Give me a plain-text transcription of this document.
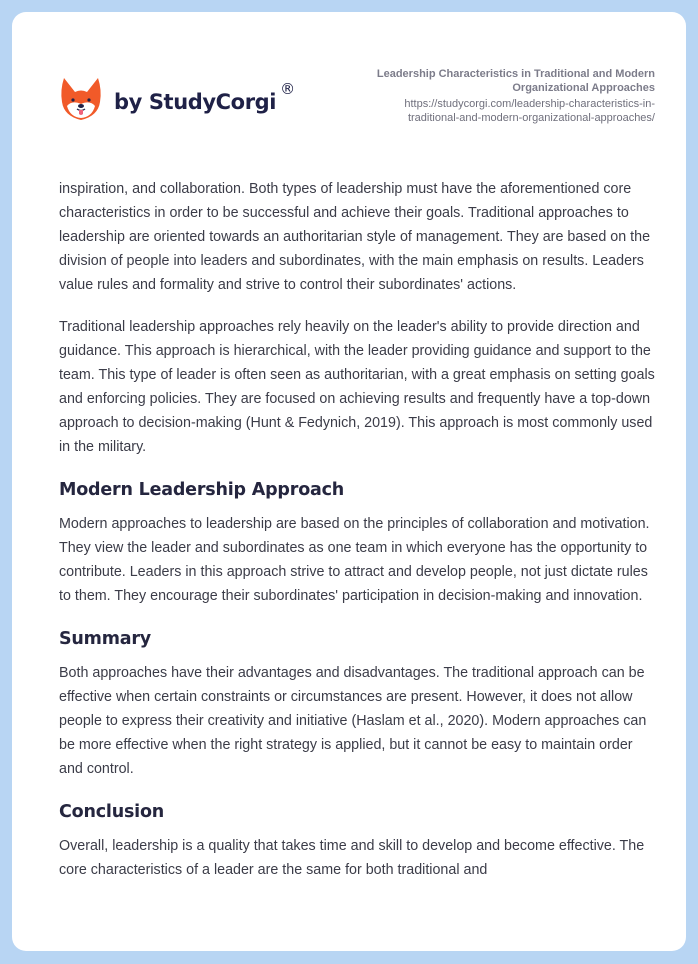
by StudyCorgi
®
Leadership Characteristics in Traditional and Modern
Organizational Approaches
https://studycorgi.com/leadership-characteristics-in-
traditional-and-modern-organizational-approaches/

inspiration, and collaboration. Both types of leadership must have the aforementioned core characteristics in order to be successful and achieve their goals. Traditional approaches to leadership are oriented towards an authoritarian style of management. They are based on the division of people into leaders and subordinates, with the main emphasis on results. Leaders value rules and formality and strive to control their subordinates' actions.

Traditional leadership approaches rely heavily on the leader's ability to provide direction and guidance. This approach is hierarchical, with the leader providing guidance and support to the team. This type of leader is often seen as authoritarian, with a great emphasis on setting goals and enforcing policies. They are focused on achieving results and frequently have a top-down approach to decision-making (Hunt & Fedynich, 2019). This approach is most commonly used in the military.

Modern Leadership Approach

Modern approaches to leadership are based on the principles of collaboration and motivation. They view the leader and subordinates as one team in which everyone has the opportunity to contribute. Leaders in this approach strive to attract and develop people, not just dictate rules to them. They encourage their subordinates' participation in decision-making and innovation.

Summary

Both approaches have their advantages and disadvantages. The traditional approach can be effective when certain constraints or circumstances are present. However, it does not allow people to express their creativity and initiative (Haslam et al., 2020). Modern approaches can be more effective when the right strategy is applied, but it cannot be easy to maintain order and control.

Conclusion

Overall, leadership is a quality that takes time and skill to develop and become effective. The core characteristics of a leader are the same for both traditional and
